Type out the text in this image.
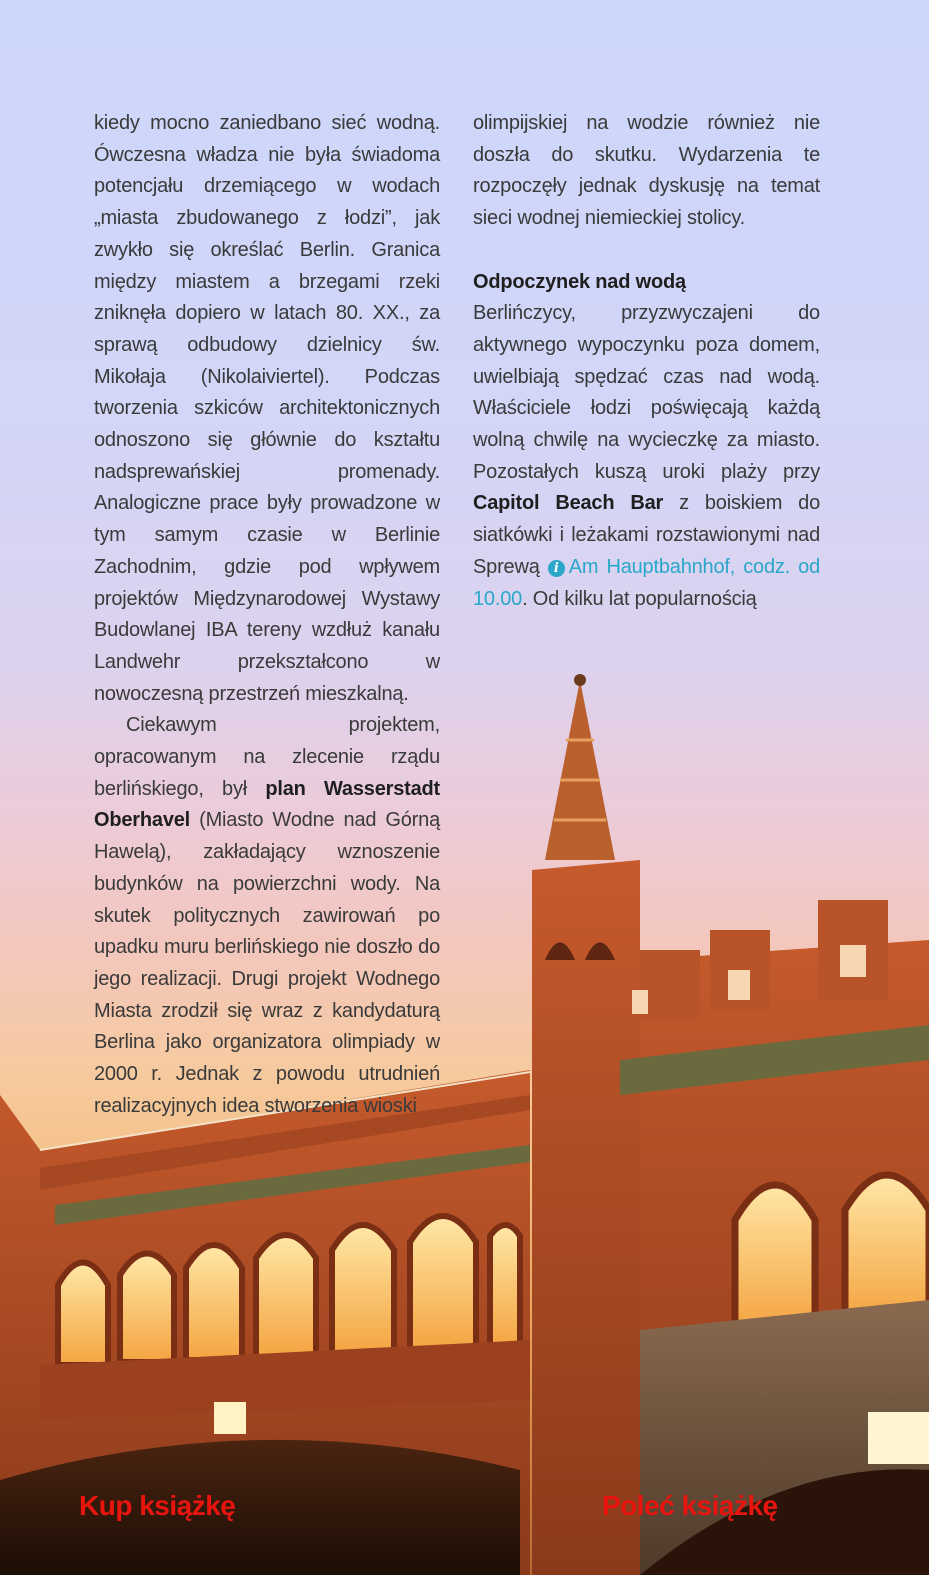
kiedy mocno zaniedbano sieć wodną. Ówczesna władza nie była świadoma potencjału drzemiącego w wodach „miasta zbudowanego z łodzi”, jak zwykło się określać Berlin. Granica między miastem a brzegami rzeki zniknęła dopiero w latach 80. XX., za sprawą odbudowy dzielnicy św. Mikołaja (Nikolaiviertel). Podczas tworzenia szkiców architektonicznych odnoszono się głównie do kształtu nadsprewańskiej promenady. Analogiczne prace były prowadzone w tym samym czasie w Berlinie Zachodnim, gdzie pod wpływem projektów Międzynarodowej Wystawy Budowlanej IBA tereny wzdłuż kanału Landwehr przekształcono w nowoczesną przestrzeń mieszkalną.

Ciekawym projektem, opracowanym na zlecenie rządu berlińskiego, był plan Wasserstadt Oberhavel (Miasto Wodne nad Górną Hawelą), zakładający wznoszenie budynków na powierzchni wody. Na skutek politycznych zawirowań po upadku muru berlińskiego nie doszło do jego realizacji. Drugi projekt Wodnego Miasta zrodził się wraz z kandydaturą Berlina jako organizatora olimpiady w 2000 r. Jednak z powodu utrudnień realizacyjnych idea stworzenia wioski

olimpijskiej na wodzie również nie doszła do skutku. Wydarzenia te rozpoczęły jednak dyskusję na temat sieci wodnej niemieckiej stolicy.

Odpoczynek nad wodą

Berlińczycy, przyzwyczajeni do aktywnego wypoczynku poza domem, uwielbiają spędzać czas nad wodą. Właściciele łodzi poświęcają każdą wolną chwilę na wycieczkę za miasto. Pozostałych kuszą uroki plaży przy Capitol Beach Bar z boiskiem do siatkówki i leżakami rozstawionymi nad Sprewą i Am Hauptbahnhof, codz. od 10.00. Od kilku lat popularnością

Kup książkę	Poleć książkę
